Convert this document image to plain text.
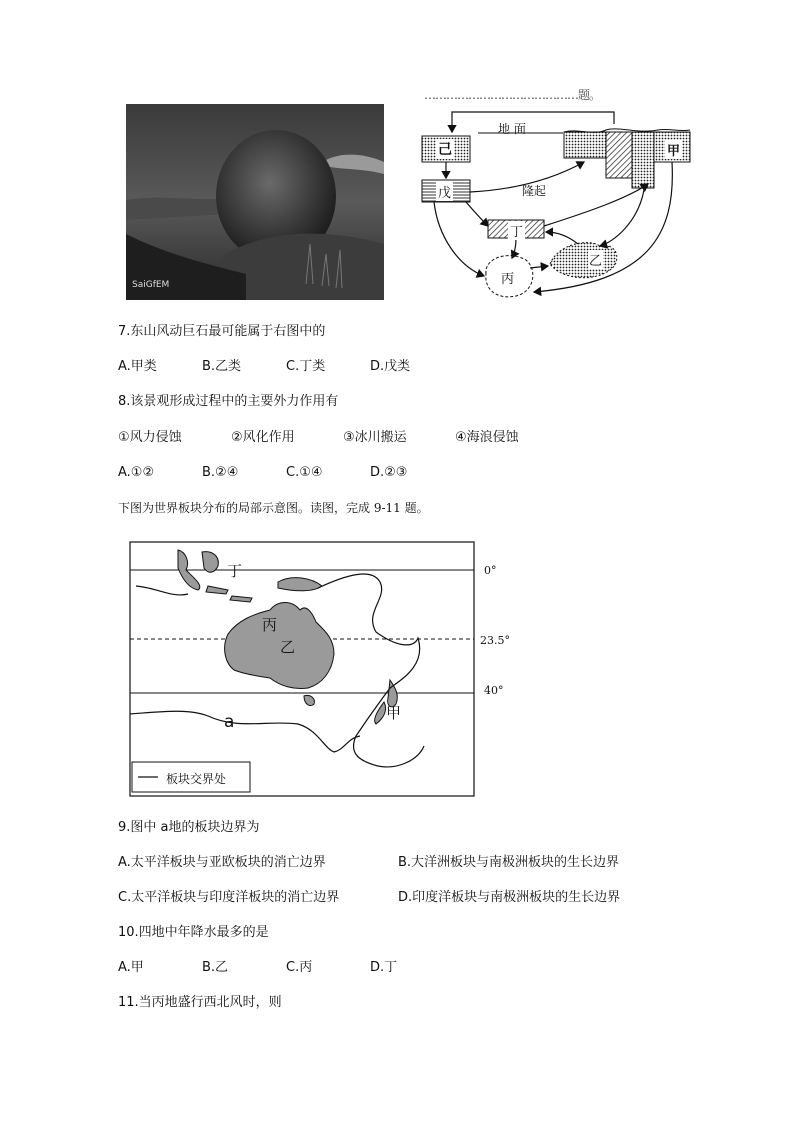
SaiGfEM
……………………………………题。
地 面
隆起
己
戊
丁
丙
乙
甲
7.东山风动巨石最可能属于右图中的
A.甲类	B.乙类	C.丁类	D.戊类
8.该景观形成过程中的主要外力作用有
①风力侵蚀	②风化作用	③冰川搬运	④海浪侵蚀
A.①②	B.②④	C.①④	D.②③
下图为世界板块分布的局部示意图。读图，完成 9-11 题。
0°
23.5°
40°
a
丁
丙
乙
甲
板块交界处
9.图中 a地的板块边界为
A.太平洋板块与亚欧板块的消亡边界	B.大洋洲板块与南极洲板块的生长边界
C.太平洋板块与印度洋板块的消亡边界	D.印度洋板块与南极洲板块的生长边界
10.四地中年降水最多的是
A.甲	B.乙	C.丙	D.丁
11.当丙地盛行西北风时，则
